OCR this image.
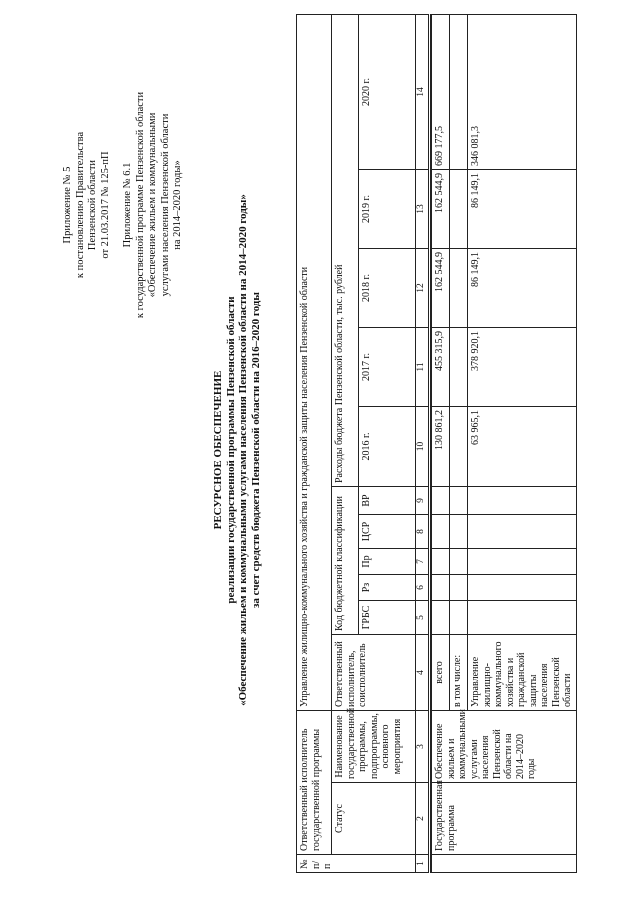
Приложение № 5 к постановлению Правительства Пензенской области от 21.03.2017 № 125-пП Приложение № 6.1 к государственной программе Пензенской области «Обеспечение жильем и коммунальными услугами населения Пензенской области на 2014–2020 годы»
РЕСУРСНОЕ ОБЕСПЕЧЕНИЕ реализации государственной программы Пензенской области «Обеспечение жильем и коммунальными услугами населения Пензенской области на 2014–2020 годы» за счет средств бюджета Пензенской области на 2016–2020 годы
№ п/п	Ответственный исполнитель государственной программы		Управление жилищно-коммунального хозяйства и гражданской защиты населения Пензенской области										
	Статус	Наименование государственной программы, подпрограммы, основного мероприятия	Ответственный исполнитель, соисполнитель	Код бюджетной классификации					Расходы бюджета Пензенской области, тыс. рублей				
				ГРБС	Рз	Пр	ЦСР	ВР	2016 г.	2017 г.	2018 г.	2019 г.	2020 г.
1	2	3	4	5	6	7	8	9	10	11	12	13	14

	Государственная программа	Обеспечение жильем и коммунальными услугами населения Пензенской области на 2014–2020 годы	всего						130 861,2	455 315,9	162 544,9	162 544,9	669 177,5
			в том числе:										
			Управление жилищно-коммунального хозяйства и гражданской защиты населения Пензенской области						63 965,1	378 920,1	86 149,1	86 149,1	346 081,3
